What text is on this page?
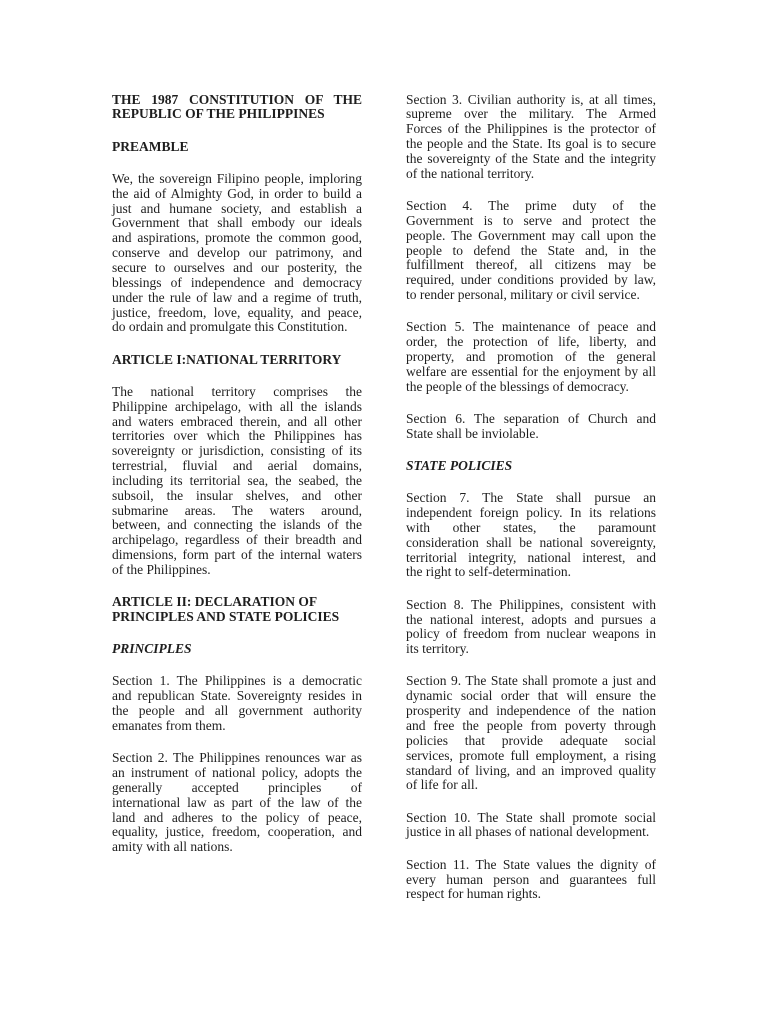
THE 1987 CONSTITUTION OF THE
REPUBLIC OF THE PHILIPPINES
PREAMBLE
We, the sovereign Filipino people, imploring
the aid of Almighty God, in order to build a
just and humane society, and establish a
Government that shall embody our ideals
and aspirations, promote the common good,
conserve and develop our patrimony, and
secure to ourselves and our posterity, the
blessings of independence and democracy
under the rule of law and a regime of truth,
justice, freedom, love, equality, and peace,
do ordain and promulgate this Constitution.
ARTICLE I:NATIONAL TERRITORY
The national territory comprises the
Philippine archipelago, with all the islands
and waters embraced therein, and all other
territories over which the Philippines has
sovereignty or jurisdiction, consisting of its
terrestrial, fluvial and aerial domains,
including its territorial sea, the seabed, the
subsoil, the insular shelves, and other
submarine areas. The waters around,
between, and connecting the islands of the
archipelago, regardless of their breadth and
dimensions, form part of the internal waters
of the Philippines.
ARTICLE II: DECLARATION OF
PRINCIPLES AND STATE POLICIES
PRINCIPLES
Section 1. The Philippines is a democratic
and republican State. Sovereignty resides in
the people and all government authority
emanates from them.
Section 2. The Philippines renounces war as
an instrument of national policy, adopts the
generally accepted principles of
international law as part of the law of the
land and adheres to the policy of peace,
equality, justice, freedom, cooperation, and
amity with all nations.
Section 3. Civilian authority is, at all times,
supreme over the military. The Armed
Forces of the Philippines is the protector of
the people and the State. Its goal is to secure
the sovereignty of the State and the integrity
of the national territory.
Section 4. The prime duty of the
Government is to serve and protect the
people. The Government may call upon the
people to defend the State and, in the
fulfillment thereof, all citizens may be
required, under conditions provided by law,
to render personal, military or civil service.
Section 5. The maintenance of peace and
order, the protection of life, liberty, and
property, and promotion of the general
welfare are essential for the enjoyment by all
the people of the blessings of democracy.
Section 6. The separation of Church and
State shall be inviolable.
STATE POLICIES
Section 7. The State shall pursue an
independent foreign policy. In its relations
with other states, the paramount
consideration shall be national sovereignty,
territorial integrity, national interest, and
the right to self-determination.
Section 8. The Philippines, consistent with
the national interest, adopts and pursues a
policy of freedom from nuclear weapons in
its territory.
Section 9. The State shall promote a just and
dynamic social order that will ensure the
prosperity and independence of the nation
and free the people from poverty through
policies that provide adequate social
services, promote full employment, a rising
standard of living, and an improved quality
of life for all.
Section 10. The State shall promote social
justice in all phases of national development.
Section 11. The State values the dignity of
every human person and guarantees full
respect for human rights.
